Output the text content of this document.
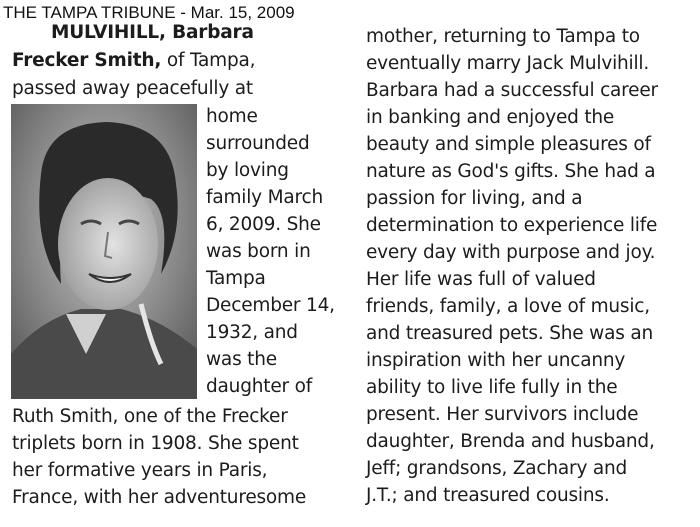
THE TAMPA TRIBUNE - Mar. 15, 2009
MULVIHILL, Barbara
Frecker Smith, of Tampa,
passed away peacefully at
home
surrounded
by loving
family March
6, 2009. She
was born in
Tampa
December 14,
1932, and
was the
daughter of
Ruth Smith, one of the Frecker
triplets born in 1908. She spent
her formative years in Paris,
France, with her adventuresome
mother, returning to Tampa to
eventually marry Jack Mulvihill.
Barbara had a successful career
in banking and enjoyed the
beauty and simple pleasures of
nature as God's gifts. She had a
passion for living, and a
determination to experience life
every day with purpose and joy.
Her life was full of valued
friends, family, a love of music,
and treasured pets. She was an
inspiration with her uncanny
ability to live life fully in the
present. Her survivors include
daughter, Brenda and husband,
Jeff; grandsons, Zachary and
J.T.; and treasured cousins.
